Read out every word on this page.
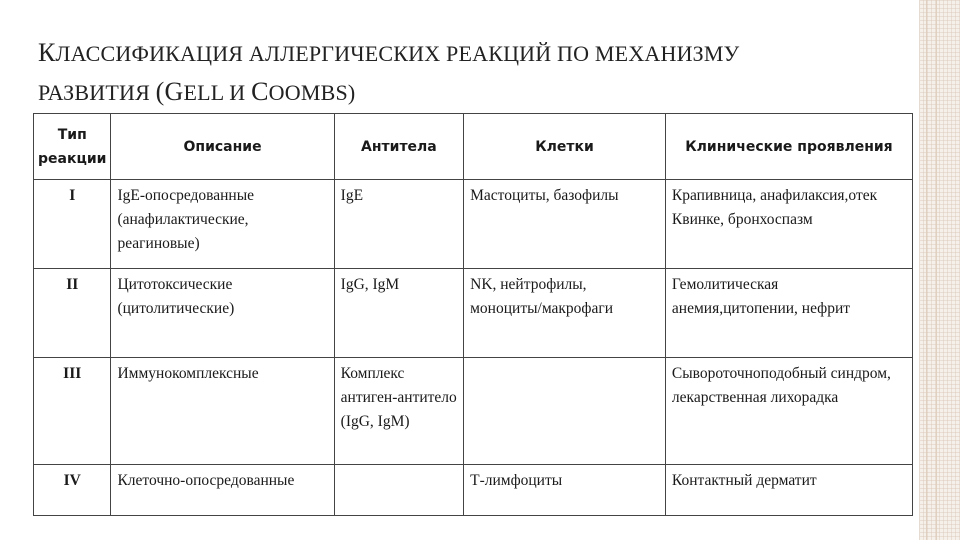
КЛАССИФИКАЦИЯ АЛЛЕРГИЧЕСКИХ РЕАКЦИЙ ПО МЕХАНИЗМУ
РАЗВИТИЯ (GELL И COOMBS)
Тип реакции	Описание	Антитела	Клетки	Клинические проявления
I	IgE-опосредованные (анафилактические, реагиновые)	IgE	Мастоциты, базофилы	Крапивница, анафилаксия,отек Квинке, бронхоспазм
II	Цитотоксические (цитолитические)	IgG, IgM	NK, нейтрофилы, моноциты/макрофаги	Гемолитическая анемия,цитопении, нефрит
III	Иммунокомплексные	Комплекс антиген-антитело (IgG, IgM)		Сывороточноподобный синдром, лекарственная лихорадка
IV	Клеточно-опосредованные		Т-лимфоциты	Контактный дерматит
